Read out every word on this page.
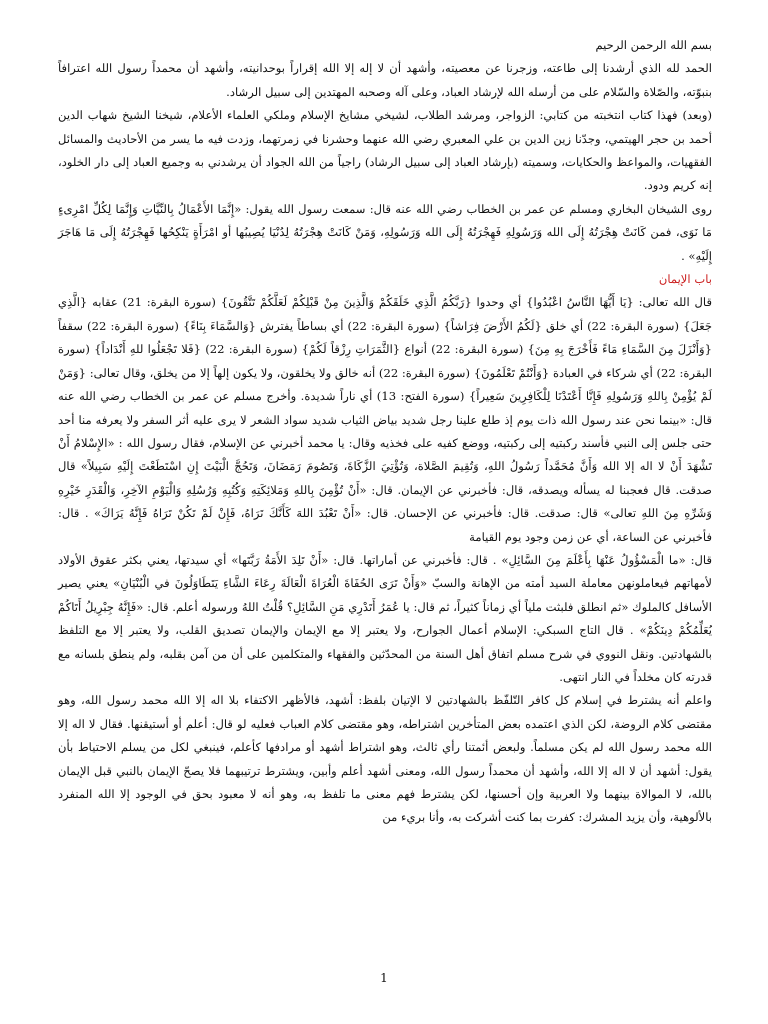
بسم الله الرحمن الرحيم

الحمد لله الذي أرشدنا إلى طاعته، وزجرنا عن معصيته، وأشهد أن لا إله إلا الله إقراراً بوحدانيته، وأشهد أن محمداً رسول الله اعترافاً بنبوّته، والصّلاة والسّلام على من أرسله الله لإرشاد العباد، وعلى آله وصحبه المهتدين إلى سبيل الرشاد.

(وبعد) فهذا كتاب انتخبته من كتابي: الزواجر، ومرشد الطلاب، لشيخي مشايخ الإسلام وملكي العلماء الأعلام، شيخنا الشيخ شهاب الدين أحمد بن حجر الهيتمي، وجدّنا زين الدين بن علي المعبري رضي الله عنهما وحشرنا في زمرتهما، وزدت فيه ما يسر من الأحاديث والمسائل الفقهيات، والمواعظ والحكايات، وسميته (بإرشاد العباد إلى سبيل الرشاد) راجياً من الله الجواد أن يرشدني به وجميع العباد إلى دار الخلود، إنه كريم ودود.

روى الشيخان البخاري ومسلم عن عمر بن الخطاب رضي الله عنه قال: سمعت رسول الله يقول: «إِنَّمَا الأَعْمَالُ بِالنِّيَّاتِ وَإِنَّمَا لِكُلِّ امْرِىءٍ مَا نَوَى، فمن كَانَتْ هِجْرَتُهُ إِلَى الله وَرَسُولِهِ فَهِجْرَتُهُ إِلَى الله وَرَسُولِهِ، وَمَنْ كَانَتْ هِجْرَتُهُ لِدُنْيَا يُصِيبُها أو امْرَأَةٍ يَنْكِحُها فَهِجْرَتُهُ إِلَى مَا هَاجَرَ إِلَيْهِ» .

باب الإيمان

قال الله تعالى: {يَا أَيُّهَا النَّاسُ اعْبُدُوا} أي وحدوا {رَبَّكُمُ الَّذِي خَلَقَكُمْ وَالَّذِينَ مِنْ قَبْلِكُمْ لَعَلَّكُمْ تَتَّقُونَ} (سورة البقرة: 21) عقابه {الَّذِي جَعَلَ} (سورة البقرة: 22) أي خلق {لَكُمُ الأَرْضَ فِرَاشاً} (سورة البقرة: 22) أي بساطاً يفترش {وَالسَّمَاءَ بِنَاءً} (سورة البقرة: 22) سقفاً {وَأَنْزَلَ مِنَ السَّمَاءِ مَاءً فَأَخْرَجَ بِهِ مِنَ} (سورة البقرة: 22) أنواع {الثَّمَرَاتِ رِزْقاً لَكُمْ} (سورة البقرة: 22) {فَلا تَجْعَلُوا للهِ أَنْدَاداً} (سورة البقرة: 22) أي شركاء في العبادة {وَأَنْتُمْ تَعْلَمُونَ} (سورة البقرة: 22) أنه خالق ولا يخلقون، ولا يكون إلهاً إلا من يخلق، وقال تعالى: {وَمَنْ لَمْ يُؤْمِنْ بِاللهِ وَرَسُولِهِ فَإِنَّا أَعْتَدْنَا لِلْكَافِرِينَ سَعِيراً} (سورة الفتح: 13) أي ناراً شديدة. وأخرج مسلم عن عمر بن الخطاب رضي الله عنه قال: «بينما نحن عند رسول الله ذات يوم إذ طلع علينا رجل شديد بياض الثياب شديد سواد الشعر لا يرى عليه أثر السفر ولا يعرفه منا أحد حتى جلس إلى النبي فأسند ركبتيه إلى ركبتيه، ووضع كفيه على فخذيه وقال: يا محمد أخبرني عن الإسلام، فقال رسول الله : «الإِسْلامُ أَنْ تَشْهَدَ أَنْ لا اله إلا الله وَأَنَّ مُحَمَّداً رَسُولُ اللهِ، وَتُقِيمَ الصَّلاة، وَتُؤْتِيَ الزَّكَاةَ، وَتَصُومَ رَمَضَانَ، وَتَحُجَّ الْبَيْتَ إِنِ اسْتَطَعْتَ إِلَيْهِ سَبِيلاً» قال صدقت. قال فعجبنا له يسأله ويصدقه، قال: فأخبرني عن الإيمان. قال: «أَنْ تُؤْمِنَ بِاللهِ وَمَلائِكَتِهِ وَكُتُبِهِ وَرُسُلِهِ وَالْيَوْمِ الآخِرِ، وَالْقَدَرِ خَيْرِهِ وَشَرِّهِ مِنَ اللهِ تعالى» قال: صدقت. قال: فأخبرني عن الإحسان. قال: «أَنْ تَعْبُدَ اللهَ كَأَنَّكَ تَرَاهُ، فَإِنْ لَمْ تَكُنْ تَرَاهُ فَإِنَّهُ يَرَاكَ» . قال: فأخبرني عن الساعة، أي عن زمن وجود يوم القيامة

قال: «ما الْمَسْؤُولُ عَنْهَا بِأَعْلَمَ مِنَ السَّائِلِ» . قال: فأخبرني عن أماراتها. قال: «أَنْ تَلِدَ الأَمَةُ رَبَّتَها» أي سيدتها، يعني بكثر عقوق الأولاد لأمهاتهم فيعاملونهن معاملة السيد أمته من الإهانة والسبّ «وَأَنْ تَرَى الحُفَاةَ الْعُرَاةَ الْعَالَةَ رِعَاءَ الشَّاءِ يَتَطَاوَلُونَ في الْبُنْيَانِ» يعني يصير الأسافل كالملوك «ثم انطلق فلبثت ملياً أي زماناً كثيراً، ثم قال: يا عُمَرُ أَتَدْرِي مَنِ السَّائِلِ؟ قُلْتُ اللهُ ورسوله أعلم. قال: «فَإِنَّهُ جِبْرِيلُ أَتَاكُمْ يُعَلِّمُكُمْ دِينَكُمْ» . قال التاج السبكي: الإسلام أعمال الجوارح، ولا يعتبر إلا مع الإيمان والإيمان تصديق القلب، ولا يعتبر إلا مع التلفظ بالشهادتين. ونقل النووي في شرح مسلم اتفاق أهل السنة من المحدّثين والفقهاء والمتكلمين على أن من آمن بقلبه، ولم ينطق بلسانه مع قدرته كان مخلداً في النار انتهى.

واعلم أنه يشترط في إسلام كل كافر التّلفّظ بالشهادتين لا الإتيان بلفظ: أشهد، فالأظهر الاكتفاء بلا اله إلا الله محمد رسول الله، وهو مقتضى كلام الروضة، لكن الذي اعتمده بعض المتأخرين اشتراطه، وهو مقتضى كلام العباب فعليه لو قال: أعلم أو أستيقنها. فقال لا اله إلا الله محمد رسول الله لم يكن مسلماً. ولبعض أئمتنا رأي ثالث، وهو اشتراط أشهد أو مرادفها كأعلم، فينبغي لكل من يسلم الاحتياط بأن يقول: أشهد أن لا اله إلا الله، وأشهد أن محمداً رسول الله، ومعنى أشهد أعلم وأبين، ويشترط ترتيبهما فلا يصحّ الإيمان بالنبي قبل الإيمان بالله، لا الموالاة بينهما ولا العربية وإن أحسنها، لكن يشترط فهم معنى ما تلفظ به، وهو أنه لا معبود بحق في الوجود إلا الله المنفرد بالألوهية، وأن يزيد المشرك: كفرت بما كنت أشركت به، وأنا بريء من

1
